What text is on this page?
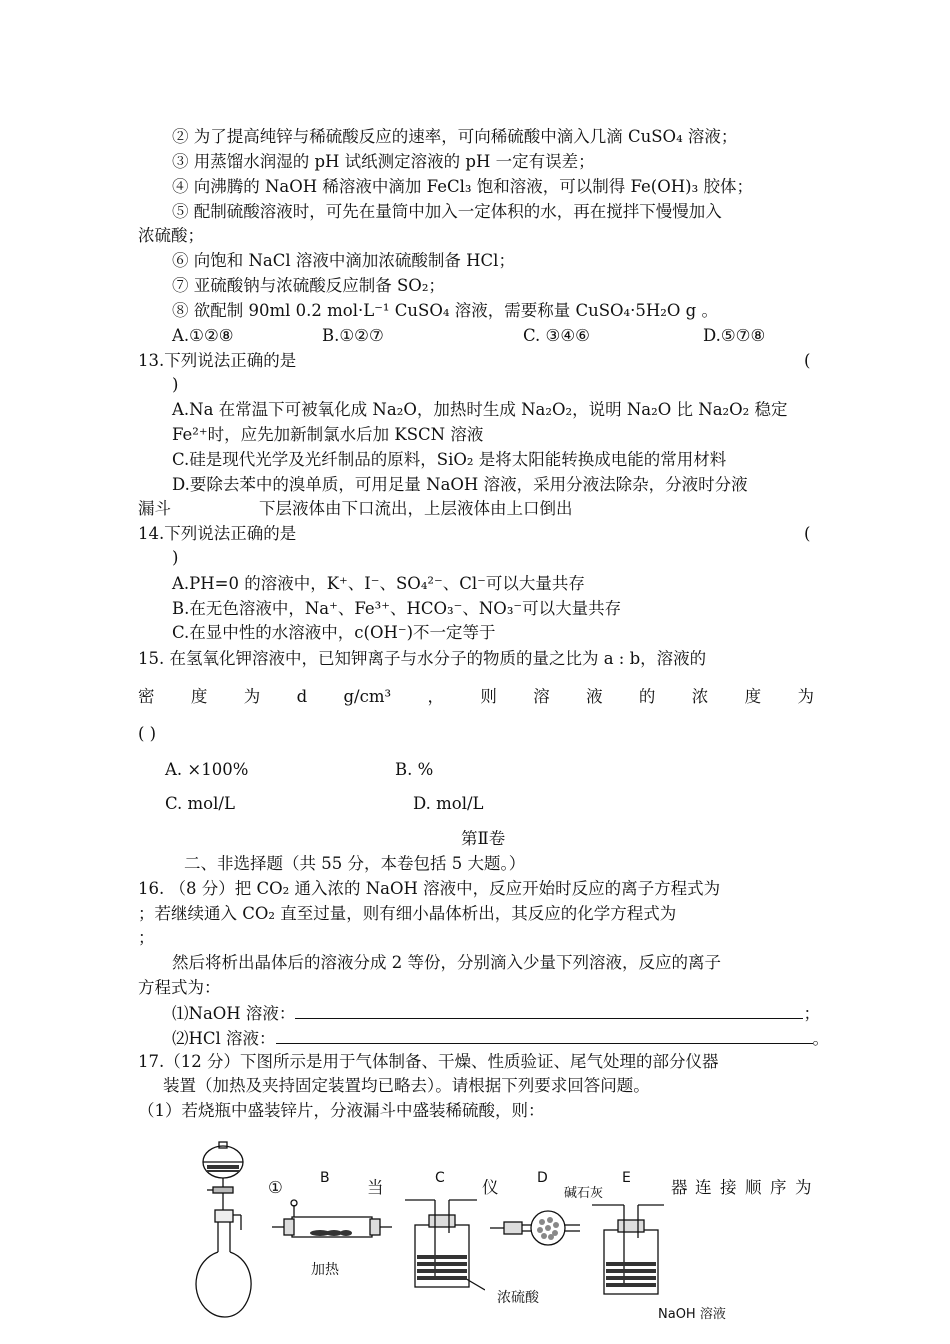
② 为了提高纯锌与稀硫酸反应的速率，可向稀硫酸中滴入几滴 CuSO₄ 溶液；
③ 用蒸馏水润湿的 pH 试纸测定溶液的 pH 一定有误差；
④ 向沸腾的 NaOH 稀溶液中滴加 FeCl₃ 饱和溶液，可以制得 Fe(OH)₃ 胶体；
⑤ 配制硫酸溶液时，可先在量筒中加入一定体积的水，再在搅拌下慢慢加入
浓硫酸；
⑥ 向饱和 NaCl 溶液中滴加浓硫酸制备 HCl；
⑦ 亚硫酸钠与浓硫酸反应制备 SO₂；
⑧ 欲配制 90ml 0.2 mol·L⁻¹ CuSO₄ 溶液，需要称量 CuSO₄·5H₂O g 。
A.①②⑧	B.①②⑦	C. ③④⑥	D.⑤⑦⑧
13.下列说法正确的是	(
)
A.Na 在常温下可被氧化成 Na₂O，加热时生成 Na₂O₂，说明 Na₂O 比 Na₂O₂ 稳定
Fe²⁺时，应先加新制氯水后加 KSCN 溶液
C.硅是现代光学及光纤制品的原料，SiO₂ 是将太阳能转换成电能的常用材料
D.要除去苯中的溴单质，可用足量 NaOH 溶液，采用分液法除杂，分液时分液
漏斗	下层液体由下口流出，上层液体由上口倒出
14.下列说法正确的是	(
)
A.PH=0 的溶液中，K⁺、I⁻、SO₄²⁻、Cl⁻可以大量共存
B.在无色溶液中，Na⁺、Fe³⁺、HCO₃⁻、NO₃⁻可以大量共存
C.在显中性的水溶液中，c(OH⁻)不一定等于
15. 在氢氧化钾溶液中，已知钾离子与水分子的物质的量之比为 a : b，溶液的
密 度 为 d g/cm³ ， 则 溶 液 的 浓 度 为
( )
A. ×100%	B. %
C. mol/L	D. mol/L
第Ⅱ卷
二、非选择题（共 55 分，本卷包括 5 大题。）
16. （8 分）把 CO₂ 通入浓的 NaOH 溶液中，反应开始时反应的离子方程式为
；若继续通入 CO₂ 直至过量，则有细小晶体析出，其反应的化学方程式为
；
然后将析出晶体后的溶液分成 2 等份，分别滴入少量下列溶液，反应的离子
方程式为：
⑴NaOH 溶液：	；
⑵HCl 溶液：	。
17.（12 分）下图所示是用于气体制备、干燥、性质验证、尾气处理的部分仪器
装置（加热及夹持固定装置均已略去）。请根据下列要求回答问题。
（1）若烧瓶中盛装锌片，分液漏斗中盛装稀硫酸，则：
①	当	仪	器 连 接 顺 序 为
B	C	D	E
碱石灰
加热
浓硫酸
NaOH 溶液
